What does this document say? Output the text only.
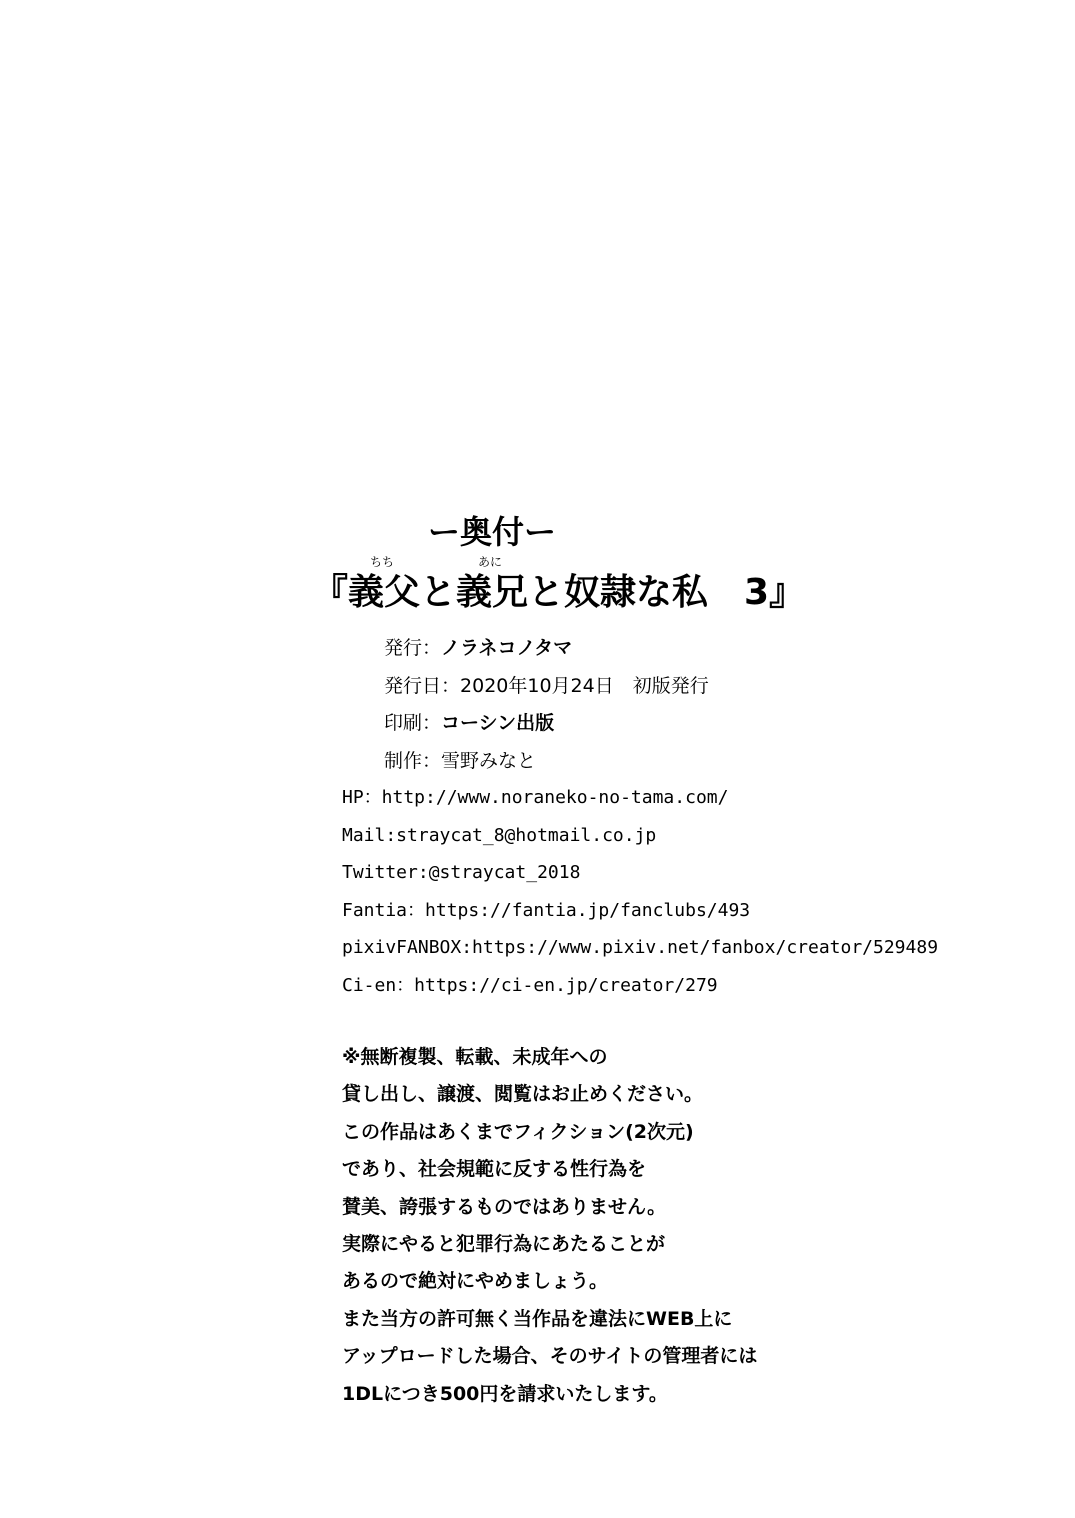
ー奥付ー
ちち	あに
『義父と義兄と奴隷な私　3』
発行：ノラネコノタマ
発行日：2020年10月24日　初版発行
印刷：コーシン出版
制作：雪野みなと
HP：http://www.noraneko-no-tama.com/
Mail:straycat_8@hotmail.co.jp
Twitter:@straycat_2018
Fantia：https://fantia.jp/fanclubs/493
pixivFANBOX:https://www.pixiv.net/fanbox/creator/529489
Ci-en：https://ci-en.jp/creator/279
※無断複製、転載、未成年への
貸し出し、譲渡、閲覧はお止めください。
この作品はあくまでフィクション(2次元)
であり、社会規範に反する性行為を
賛美、誇張するものではありません。
実際にやると犯罪行為にあたることが
あるので絶対にやめましょう。
また当方の許可無く当作品を違法にWEB上に
アップロードした場合、そのサイトの管理者には
1DLにつき500円を請求いたします。
